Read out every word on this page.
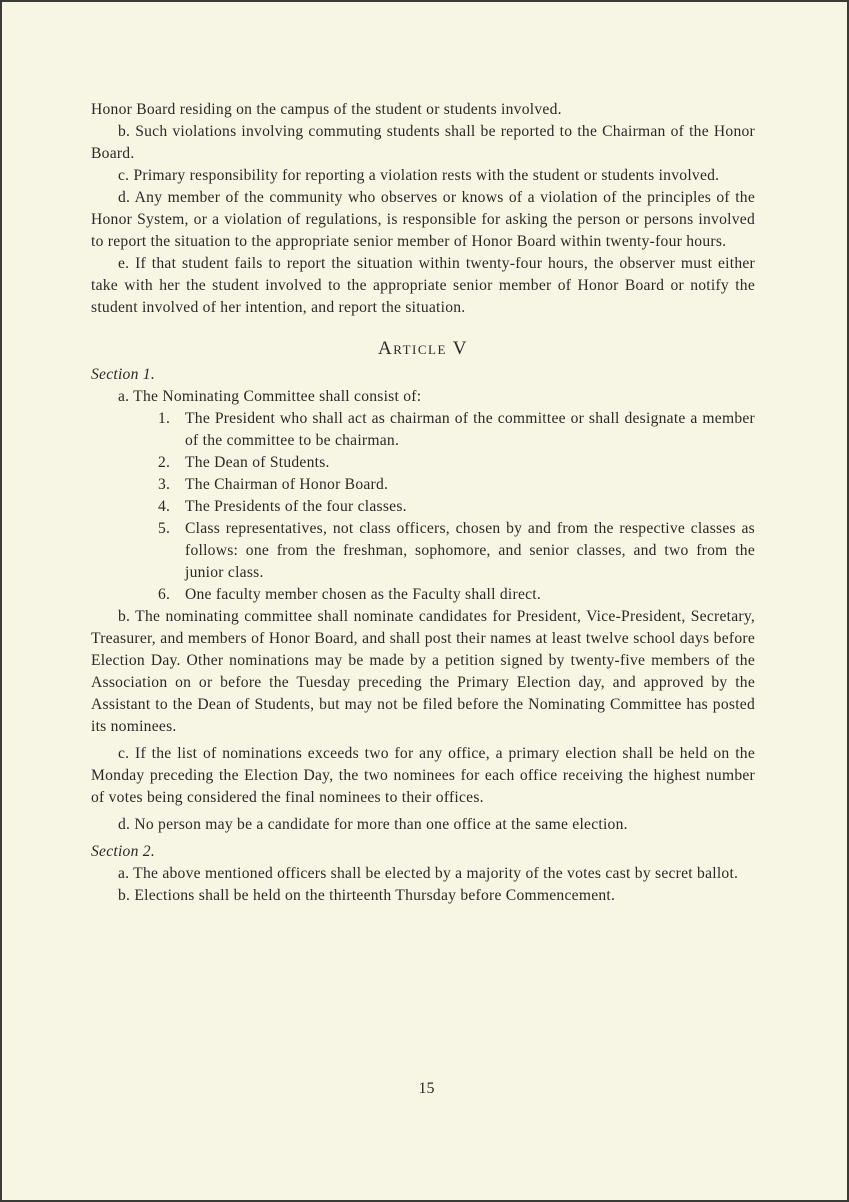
Honor Board residing on the campus of the student or students involved.

b. Such violations involving commuting students shall be reported to the Chairman of the Honor Board.

c. Primary responsibility for reporting a violation rests with the student or students involved.

d. Any member of the community who observes or knows of a violation of the principles of the Honor System, or a violation of regulations, is responsible for asking the person or persons involved to report the situation to the appropriate senior member of Honor Board within twenty-four hours.

e. If that student fails to report the situation within twenty-four hours, the observer must either take with her the student involved to the appropriate senior member of Honor Board or notify the student involved of her intention, and report the situation.

Article V

Section 1.

a. The Nominating Committee shall consist of:

1. The President who shall act as chairman of the committee or shall designate a member of the committee to be chairman.
2. The Dean of Students.
3. The Chairman of Honor Board.
4. The Presidents of the four classes.
5. Class representatives, not class officers, chosen by and from the respective classes as follows: one from the freshman, sophomore, and senior classes, and two from the junior class.
6. One faculty member chosen as the Faculty shall direct.

b. The nominating committee shall nominate candidates for President, Vice-President, Secretary, Treasurer, and members of Honor Board, and shall post their names at least twelve school days before Election Day. Other nominations may be made by a petition signed by twenty-five members of the Association on or before the Tuesday preceding the Primary Election day, and approved by the Assistant to the Dean of Students, but may not be filed before the Nominating Committee has posted its nominees.

c. If the list of nominations exceeds two for any office, a primary election shall be held on the Monday preceding the Election Day, the two nominees for each office receiving the highest number of votes being considered the final nominees to their offices.

d. No person may be a candidate for more than one office at the same election.

Section 2.

a. The above mentioned officers shall be elected by a majority of the votes cast by secret ballot.

b. Elections shall be held on the thirteenth Thursday before Commencement.

15
